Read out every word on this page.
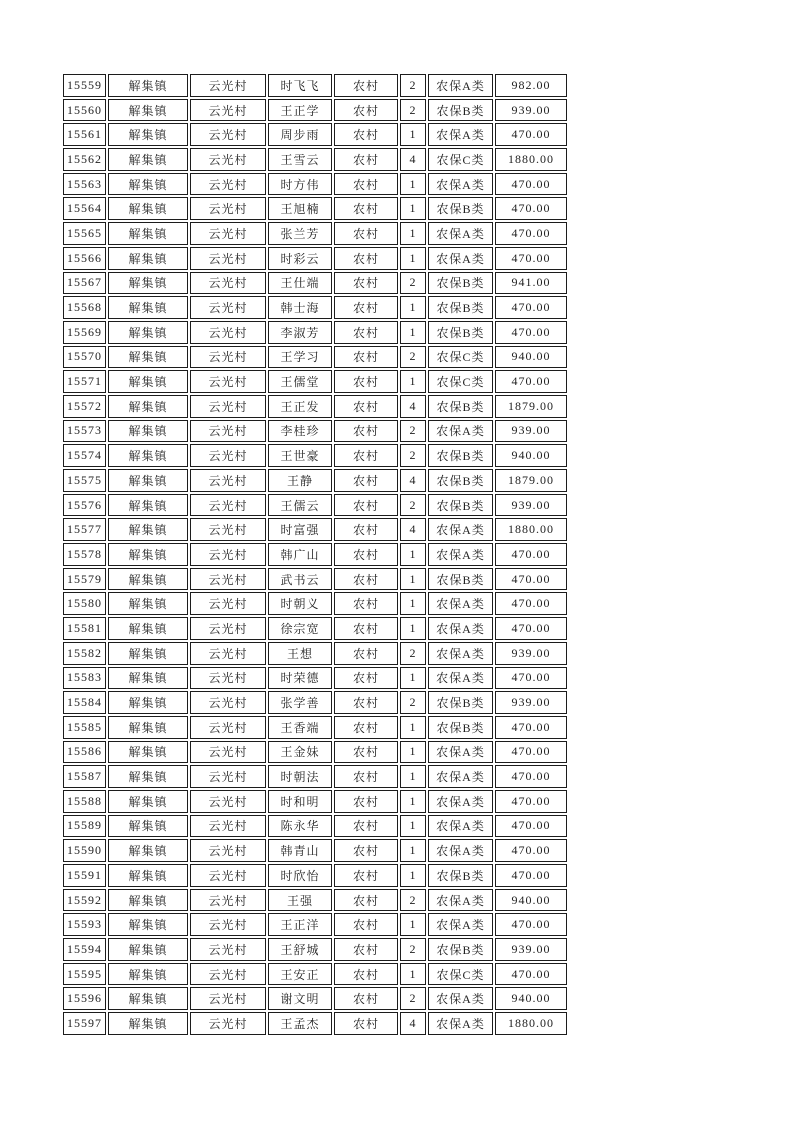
15559	解集镇	云光村	时飞飞	农村	2	农保A类	982.00
15560	解集镇	云光村	王正学	农村	2	农保B类	939.00
15561	解集镇	云光村	周步雨	农村	1	农保A类	470.00
15562	解集镇	云光村	王雪云	农村	4	农保C类	1880.00
15563	解集镇	云光村	时方伟	农村	1	农保A类	470.00
15564	解集镇	云光村	王旭楠	农村	1	农保B类	470.00
15565	解集镇	云光村	张兰芳	农村	1	农保A类	470.00
15566	解集镇	云光村	时彩云	农村	1	农保A类	470.00
15567	解集镇	云光村	王仕端	农村	2	农保B类	941.00
15568	解集镇	云光村	韩士海	农村	1	农保B类	470.00
15569	解集镇	云光村	李淑芳	农村	1	农保B类	470.00
15570	解集镇	云光村	王学习	农村	2	农保C类	940.00
15571	解集镇	云光村	王儒堂	农村	1	农保C类	470.00
15572	解集镇	云光村	王正发	农村	4	农保B类	1879.00
15573	解集镇	云光村	李桂珍	农村	2	农保A类	939.00
15574	解集镇	云光村	王世豪	农村	2	农保B类	940.00
15575	解集镇	云光村	王静	农村	4	农保B类	1879.00
15576	解集镇	云光村	王儒云	农村	2	农保B类	939.00
15577	解集镇	云光村	时富强	农村	4	农保A类	1880.00
15578	解集镇	云光村	韩广山	农村	1	农保A类	470.00
15579	解集镇	云光村	武书云	农村	1	农保B类	470.00
15580	解集镇	云光村	时朝义	农村	1	农保A类	470.00
15581	解集镇	云光村	徐宗宽	农村	1	农保A类	470.00
15582	解集镇	云光村	王想	农村	2	农保A类	939.00
15583	解集镇	云光村	时荣德	农村	1	农保A类	470.00
15584	解集镇	云光村	张学善	农村	2	农保B类	939.00
15585	解集镇	云光村	王香端	农村	1	农保B类	470.00
15586	解集镇	云光村	王金妹	农村	1	农保A类	470.00
15587	解集镇	云光村	时朝法	农村	1	农保A类	470.00
15588	解集镇	云光村	时和明	农村	1	农保A类	470.00
15589	解集镇	云光村	陈永华	农村	1	农保A类	470.00
15590	解集镇	云光村	韩青山	农村	1	农保A类	470.00
15591	解集镇	云光村	时欣怡	农村	1	农保B类	470.00
15592	解集镇	云光村	王强	农村	2	农保A类	940.00
15593	解集镇	云光村	王正洋	农村	1	农保A类	470.00
15594	解集镇	云光村	王舒城	农村	2	农保B类	939.00
15595	解集镇	云光村	王安正	农村	1	农保C类	470.00
15596	解集镇	云光村	谢文明	农村	2	农保A类	940.00
15597	解集镇	云光村	王孟杰	农村	4	农保A类	1880.00
